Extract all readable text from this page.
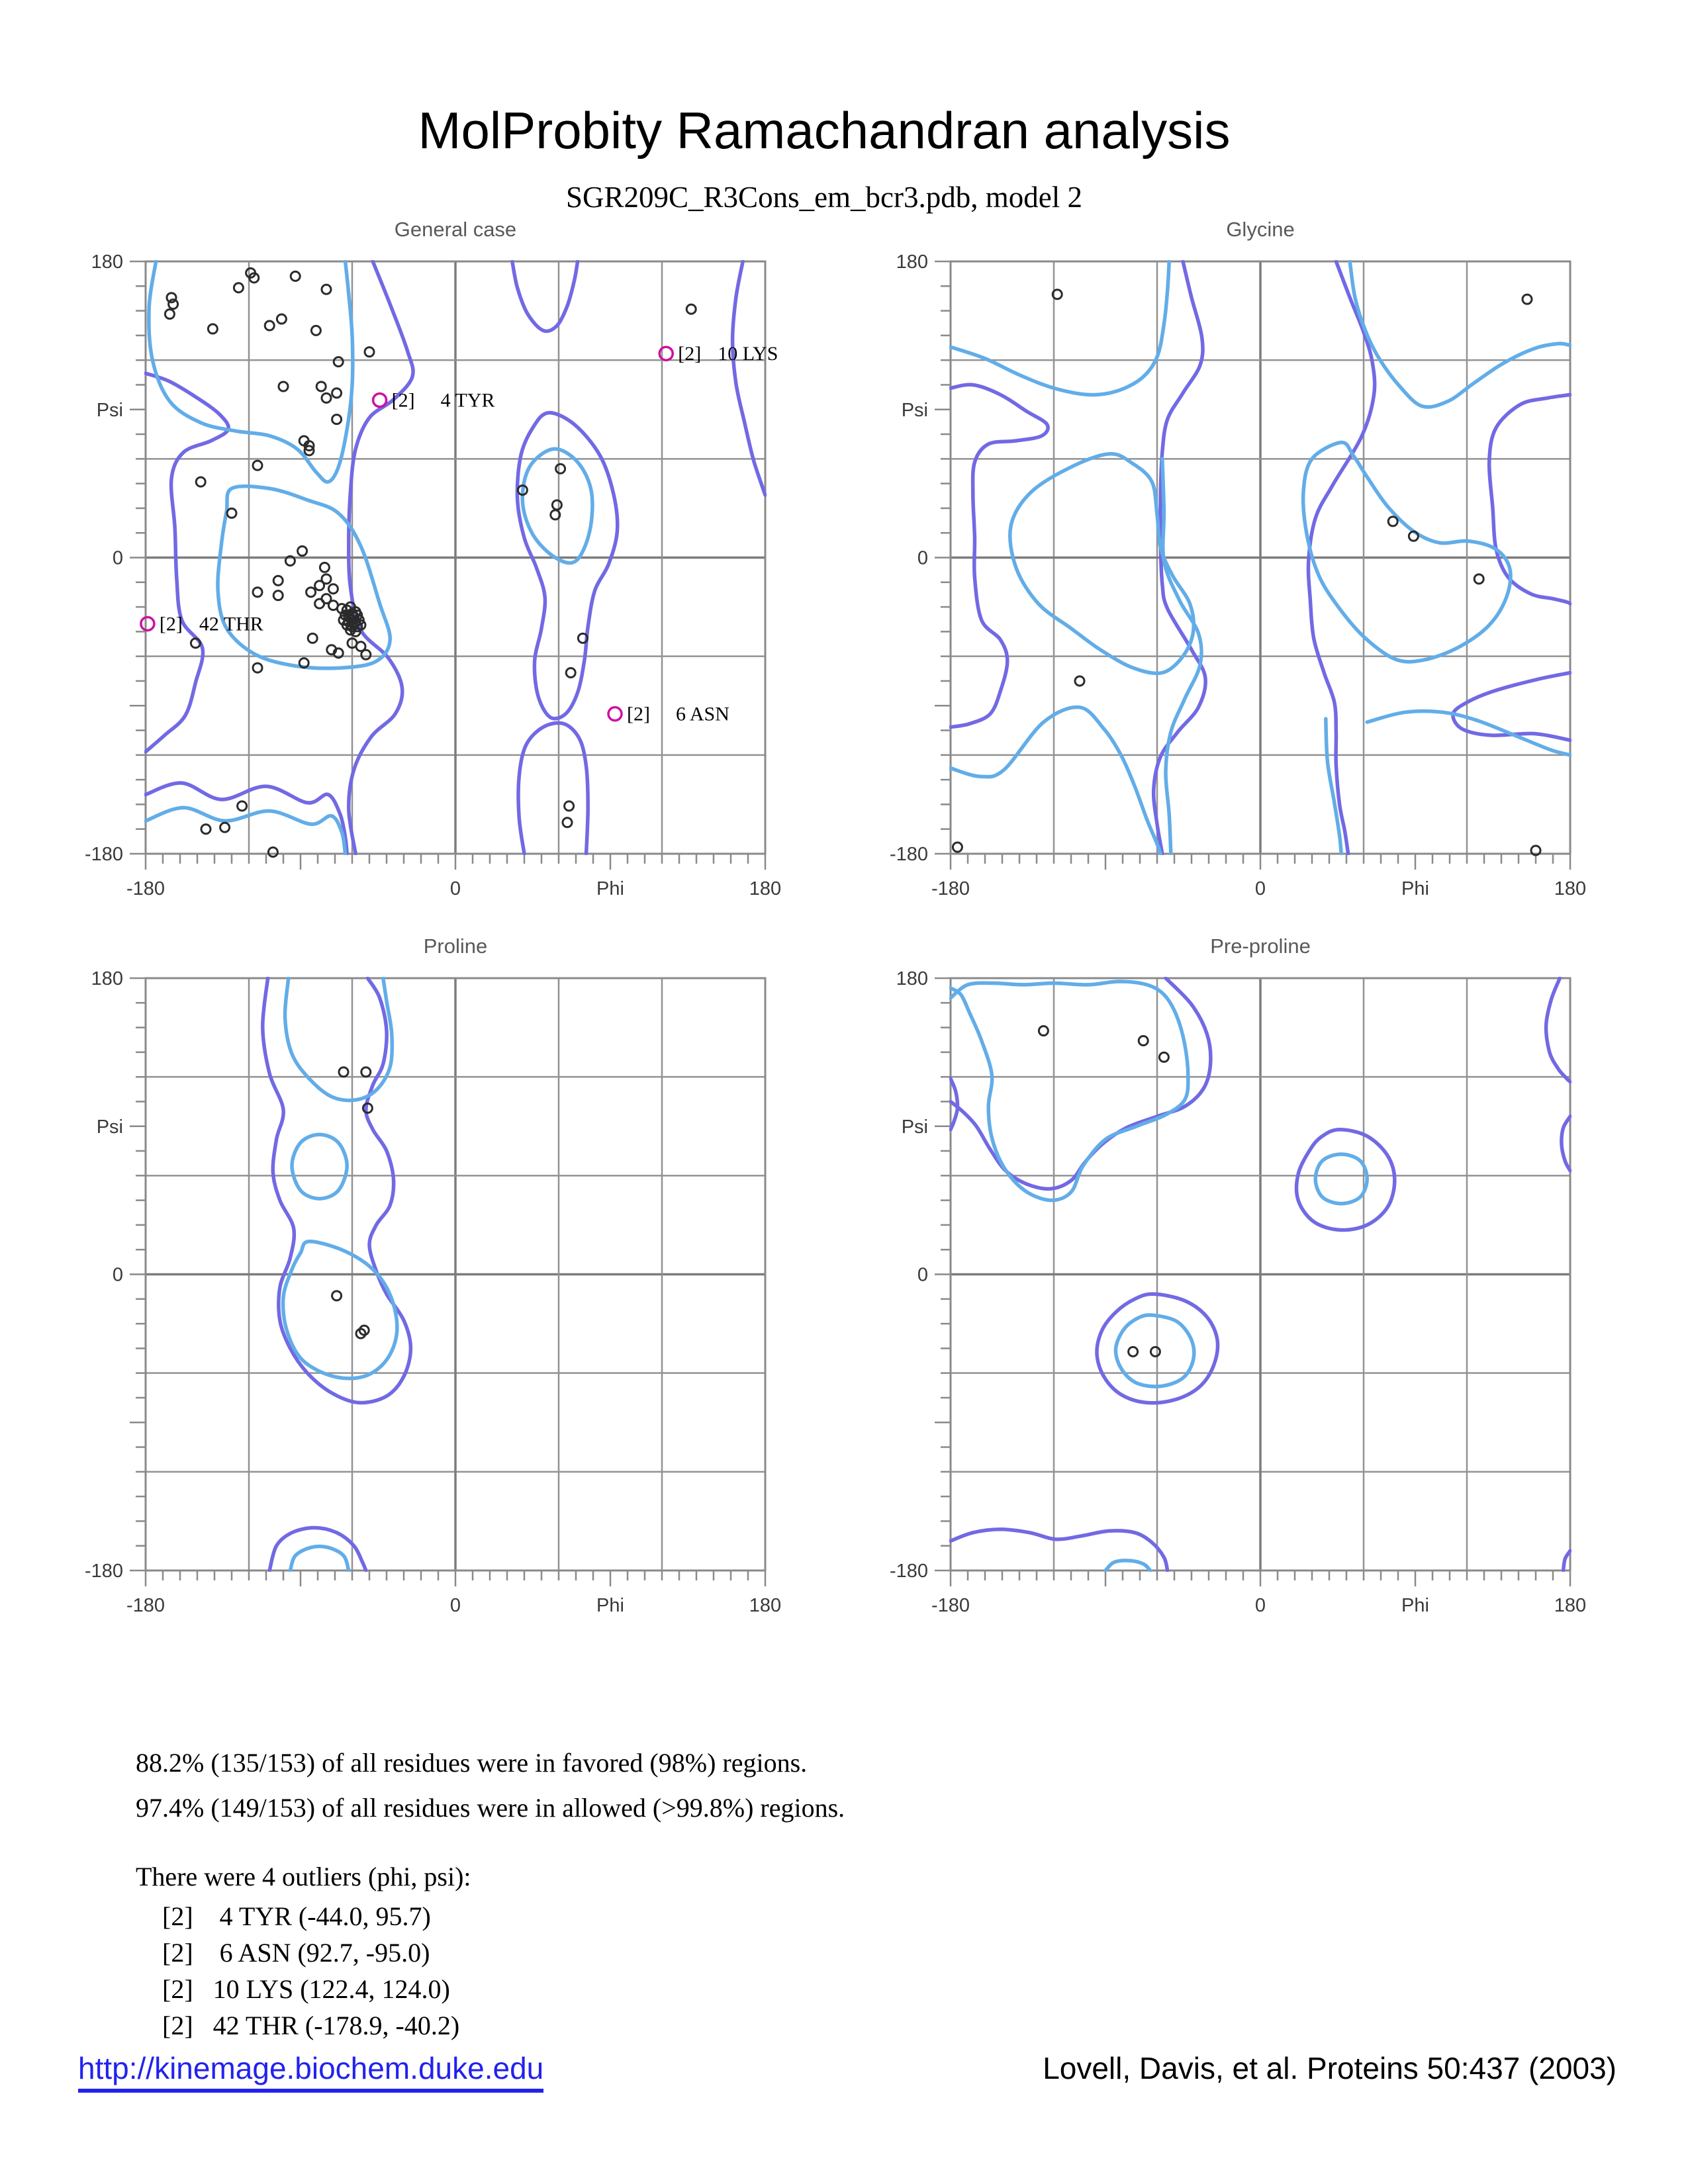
MolProbity Ramachandran analysis
SGR209C_R3Cons_em_bcr3.pdb, model 2
180
Psi
0
-180
-180	0	Phi	180
General case
[2] 10 LYS
[2] 4 TYR
[2] 42 THR
[2] 6 ASN
180
Psi
0
-180
-180	0	Phi	180
Glycine
180
Psi
0
-180
-180	0	Phi	180
Proline
180
Psi
0
-180
-180	0	Phi	180
Pre-proline
88.2% (135/153) of all residues were in favored (98%) regions.
97.4% (149/153) of all residues were in allowed (>99.8%) regions.
There were 4 outliers (phi, psi):
[2]    4 TYR (-44.0, 95.7)
[2]    6 ASN (92.7, -95.0)
[2]   10 LYS (122.4, 124.0)
[2]   42 THR (-178.9, -40.2)
http://kinemage.biochem.duke.edu	Lovell, Davis, et al. Proteins 50:437 (2003)
